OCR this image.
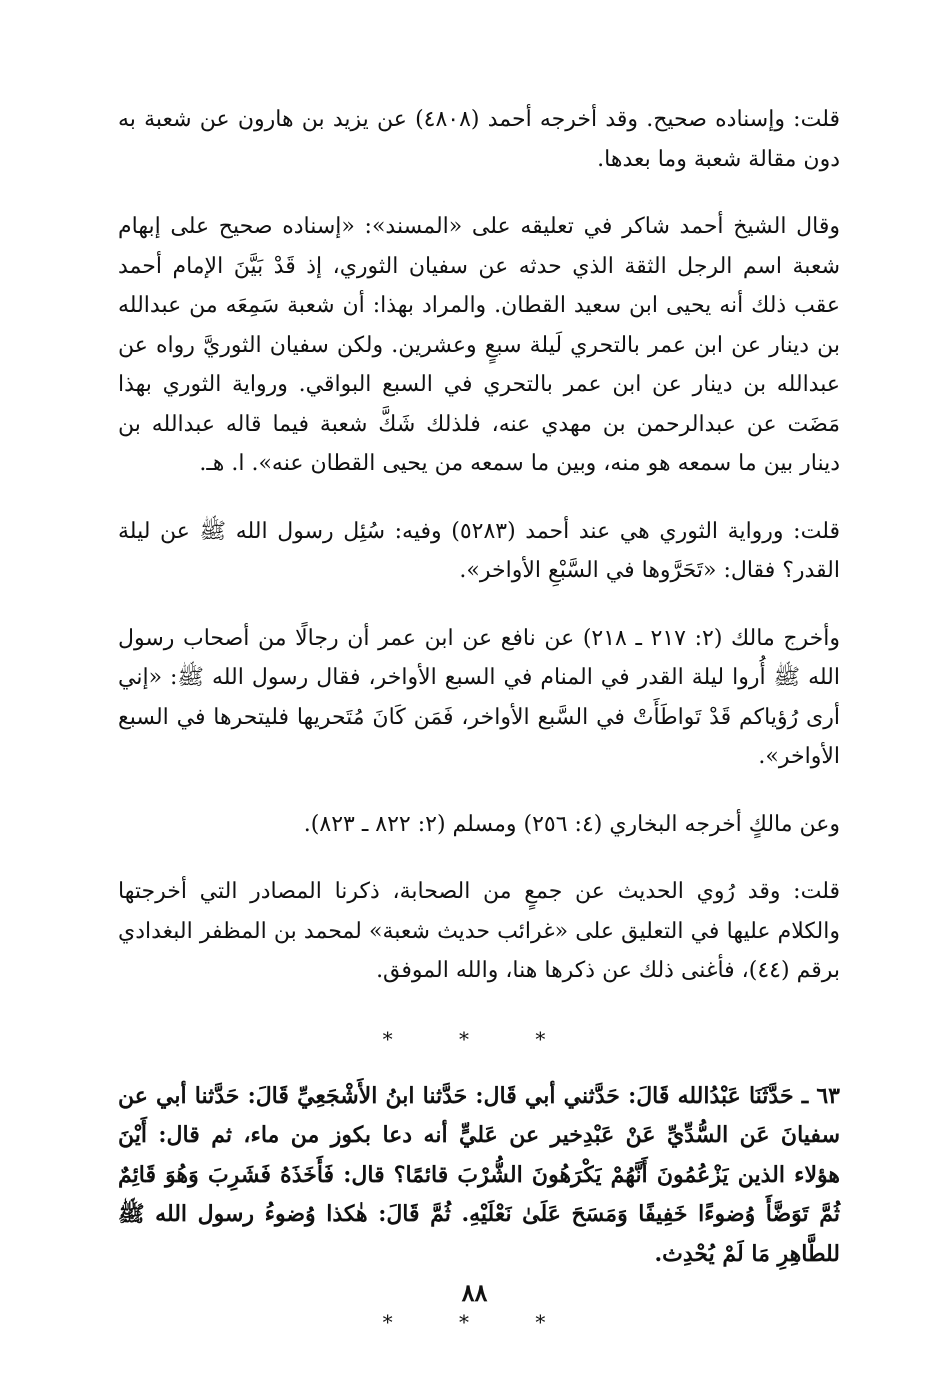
قلت: وإسناده صحيح. وقد أخرجه أحمد (٤٨٠٨) عن يزيد بن هارون عن شعبة به دون مقالة شعبة وما بعدها.

وقال الشيخ أحمد شاكر في تعليقه على «المسند»: «إسناده صحيح على إبهام شعبة اسم الرجل الثقة الذي حدثه عن سفيان الثوري، إذ قَدْ بَيَّنَ الإمام أحمد عقب ذلك أنه يحيى ابن سعيد القطان. والمراد بهذا: أن شعبة سَمِعَه من عبدالله بن دينار عن ابن عمر بالتحري لَيلة سبعٍ وعشرين. ولكن سفيان الثوريَّ رواه عن عبدالله بن دينار عن ابن عمر بالتحري في السبع البواقي. ورواية الثوري بهذا مَضَت عن عبدالرحمن بن مهدي عنه، فلذلك شَكَّ شعبة فيما قاله عبدالله بن دينار بين ما سمعه هو منه، وبين ما سمعه من يحيى القطان عنه». ا. هـ.

قلت: ورواية الثوري هي عند أحمد (٥٢٨٣) وفيه: سُئِل رسول الله ﷺ عن ليلة القدر؟ فقال: «تَحَرَّوها في السَّبْعِ الأواخر».

وأخرج مالك (٢: ٢١٧ ـ ٢١٨) عن نافع عن ابن عمر أن رجالًا من أصحاب رسول الله ﷺ أُروا ليلة القدر في المنام في السبع الأواخر، فقال رسول الله ﷺ: «إني أرى رُؤياكم قَدْ تَواطَأَتْ في السَّبع الأواخر، فَمَن كَانَ مُتَحريها فليتحرها في السبع الأواخر».

وعن مالكٍ أخرجه البخاري (٤: ٢٥٦) ومسلم (٢: ٨٢٢ ـ ٨٢٣).

قلت: وقد رُوي الحديث عن جمعٍ من الصحابة، ذكرنا المصادر التي أخرجتها والكلام عليها في التعليق على «غرائب حديث شعبة» لمحمد بن المظفر البغدادي برقم (٤٤)، فأغنى ذلك عن ذكرها هنا، والله الموفق.

* * *

٦٣ ـ حَدَّثَنَا عَبْدُالله قَالَ: حَدَّثني أبي قَال: حَدَّثنا ابنُ الأَشْجَعِيِّ قَالَ: حَدَّثنا أبي عن سفيانَ عَن السُّدِّيِّ عَنْ عَبْدِخير عن عَليٍّ أنه دعا بكوز من ماء، ثم قال: أَيْنَ هؤلاء الذين يَزْعُمُونَ أَنَّهُمْ يَكْرَهُونَ الشُّرْبَ قائمًا؟ قال: فَأَخَذَهُ فَشَرِبَ وَهُوَ قَائِمٌ ثُمَّ تَوَضَّأَ وُضوءًا خَفِيفًا وَمَسَحَ عَلَىٰ نَعْلَيْهِ. ثُمَّ قَالَ: هٰكذا وُضوءُ رسول الله ﷺ للطَّاهِرِ مَا لَمْ يُحْدِث.

* * *
٨٨
